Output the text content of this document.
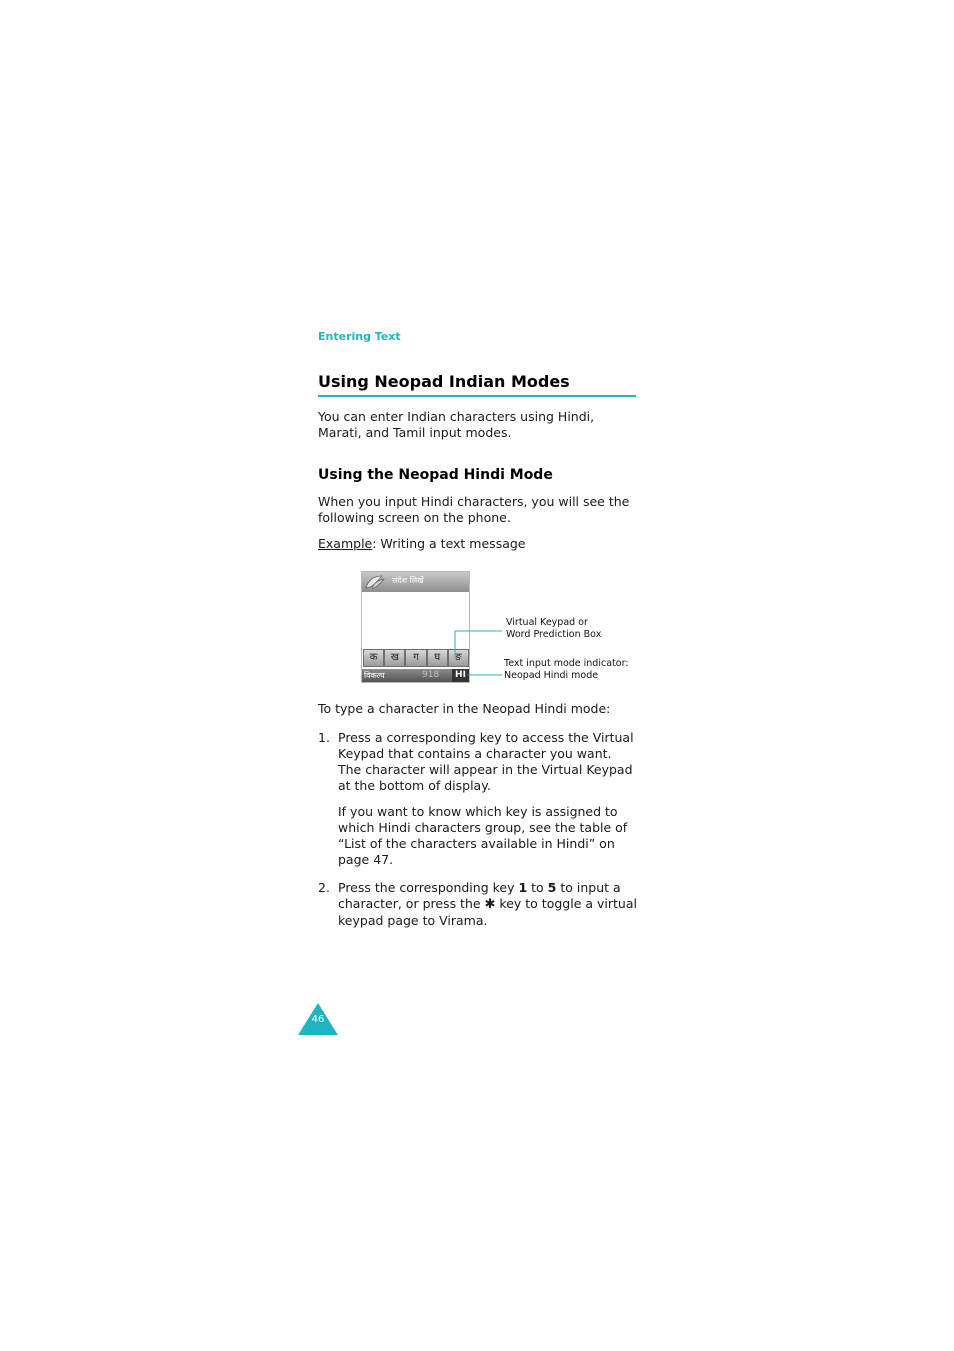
Entering Text
Using Neopad Indian Modes
You can enter Indian characters using Hindi, Marati, and Tamil input modes.
Using the Neopad Hindi Mode
When you input Hindi characters, you will see the following screen on the phone.
Example: Writing a text message
संदेश लिखें
क	ख	ग	घ	ङ
विकल्प	918	HI
Virtual Keypad or
Word Prediction Box
Text input mode indicator:
Neopad Hindi mode
To type a character in the Neopad Hindi mode:
1. Press a corresponding key to access the Virtual Keypad that contains a character you want. The character will appear in the Virtual Keypad at the bottom of display.
If you want to know which key is assigned to which Hindi characters group, see the table of “List of the characters available in Hindi” on page 47.
2. Press the corresponding key 1 to 5 to input a character, or press the ✱ key to toggle a virtual keypad page to Virama.
46
